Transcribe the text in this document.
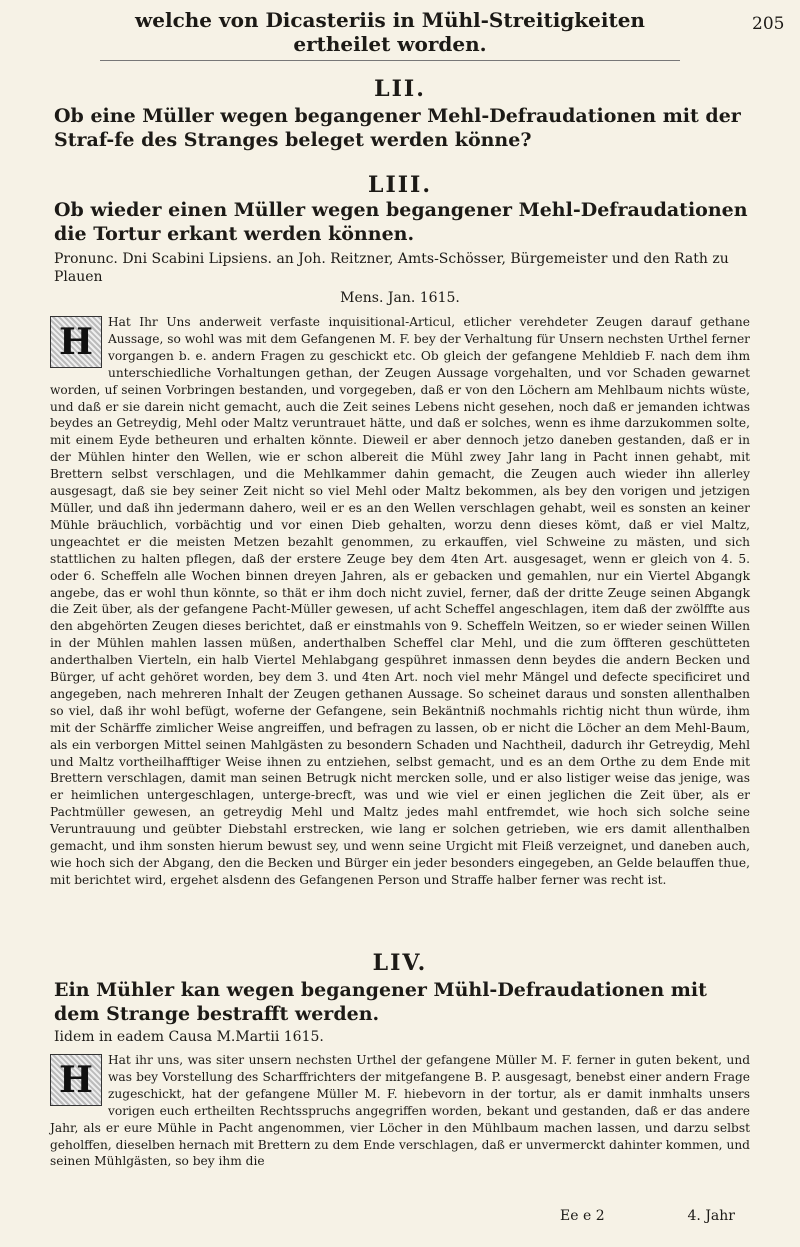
welche von Dicasteriis in Mühl-Streitigkeiten ertheilet worden.
205
LII.
Ob eine Müller wegen begangener Mehl-Defraudationen mit der Straf-fe des Stranges beleget werden könne?
LIII.
Ob wieder einen Müller wegen begangener Mehl-Defraudationen die Tortur erkant werden können.
Pronunc. Dni Scabini Lipsiens. an Joh. Reitzner, Amts-Schösser, Bürgemeister und den Rath zu Plauen
Mens. Jan. 1615.
H	Hat Ihr Uns anderweit verfaste inquisitional-Articul, etlicher verehdeter Zeugen darauf gethane Aussage, so wohl was mit dem Gefangenen M. F. bey der Verhaltung für Unsern nechsten Urthel ferner vorgangen b. e. andern Fragen zu geschickt etc. Ob gleich der gefangene Mehldieb F. nach dem ihm unterschiedliche Vorhaltungen gethan, der Zeugen Aussage vorgehalten, und vor Schaden gewarnet worden, uf seinen Vorbringen bestanden, und vorgegeben, daß er von den Löchern am Mehlbaum nichts wüste, und daß er sie darein nicht gemacht, auch die Zeit seines Lebens nicht gesehen, noch daß er jemanden ichtwas beydes an Getreydig, Mehl oder Maltz veruntrauet hätte, und daß er solches, wenn es ihme darzukommen solte, mit einem Eyde betheuren und erhalten könnte. Dieweil er aber dennoch jetzo daneben gestanden, daß er in der Mühlen hinter den Wellen, wie er schon albereit die Mühl zwey Jahr lang in Pacht innen gehabt, mit Brettern selbst verschlagen, und die Mehlkammer dahin gemacht, die Zeugen auch wieder ihn allerley ausgesagt, daß sie bey seiner Zeit nicht so viel Mehl oder Maltz bekommen, als bey den vorigen und jetzigen Müller, und daß ihn jedermann dahero, weil er es an den Wellen verschlagen gehabt, weil es sonsten an keiner Mühle bräuchlich, vorbächtig und vor einen Dieb gehalten, worzu denn dieses kömt, daß er viel Maltz, ungeachtet er die meisten Metzen bezahlt genommen, zu erkauffen, viel Schweine zu mästen, und sich stattlichen zu halten pflegen, daß der erstere Zeuge bey dem 4ten Art. ausgesaget, wenn er gleich von 4. 5. oder 6. Scheffeln alle Wochen binnen dreyen Jahren, als er gebacken und gemahlen, nur ein Viertel Abgangk angebe, das er wohl thun könnte, so thät er ihm doch nicht zuviel, ferner, daß der dritte Zeuge seinen Abgangk die Zeit über, als der gefangene Pacht-Müller gewesen, uf acht Scheffel angeschlagen, item daß der zwölffte aus den abgehörten Zeugen dieses berichtet, daß er einstmahls von 9. Scheffeln Weitzen, so er wieder seinen Willen in der Mühlen mahlen lassen müßen, anderthalben Scheffel clar Mehl, und die zum öffteren geschütteten anderthalben Vierteln, ein halb Viertel Mehlabgang gespühret inmassen denn beydes die andern Becken und Bürger, uf acht gehöret worden, bey dem 3. und 4ten Art. noch viel mehr Mängel und defecte specificiret und angegeben, nach mehreren Inhalt der Zeugen gethanen Aussage. So scheinet daraus und sonsten allenthalben so viel, daß ihr wohl befügt, woferne der Gefangene, sein Bekäntniß nochmahls richtig nicht thun würde, ihm mit der Schärffe zimlicher Weise angreiffen, und befragen zu lassen, ob er nicht die Löcher an dem Mehl-Baum, als ein verborgen Mittel seinen Mahlgästen zu besondern Schaden und Nachtheil, dadurch ihr Getreydig, Mehl und Maltz vortheilhafftiger Weise ihnen zu entziehen, selbst gemacht, und es an dem Orthe zu dem Ende mit Brettern verschlagen, damit man seinen Betrugk nicht mercken solle, und er also listiger weise das jenige, was er heimlichen untergeschlagen, unterge-brecft, was und wie viel er einen jeglichen die Zeit über, als er Pachtmüller gewesen, an getreydig Mehl und Maltz jedes mahl entfremdet, wie hoch sich solche seine Veruntrauung und geübter Diebstahl erstrecken, wie lang er solchen getrieben, wie ers damit allenthalben gemacht, und ihm sonsten hierum bewust sey, und wenn seine Urgicht mit Fleiß verzeignet, und daneben auch, wie hoch sich der Abgang, den die Becken und Bürger ein jeder besonders eingegeben, an Gelde belauffen thue, mit berichtet wird, ergehet alsdenn des Gefangenen Person und Straffe halber ferner was recht ist.
LIV.
Ein Mühler kan wegen begangener Mühl-Defraudationen mit dem Strange bestrafft werden.
Iidem in eadem Causa M.Martii 1615.
H	Hat ihr uns, was siter unsern nechsten Urthel der gefangene Müller M. F. ferner in guten bekent, und was bey Vorstellung des Scharffrichters der mitgefangene B. P. ausgesagt, benebst einer andern Frage zugeschickt, hat der gefangene Müller M. F. hiebevorn in der tortur, als er damit inmhalts unsers vorigen euch ertheilten Rechtsspruchs angegriffen worden, bekant und gestanden, daß er das andere Jahr, als er eure Mühle in Pacht angenommen, vier Löcher in den Mühlbaum machen lassen, und darzu selbst geholffen, dieselben hernach mit Brettern zu dem Ende verschlagen, daß er unvermerckt dahinter kommen, und seinen Mühlgästen, so bey ihm die
Ee e 2	4. Jahr
